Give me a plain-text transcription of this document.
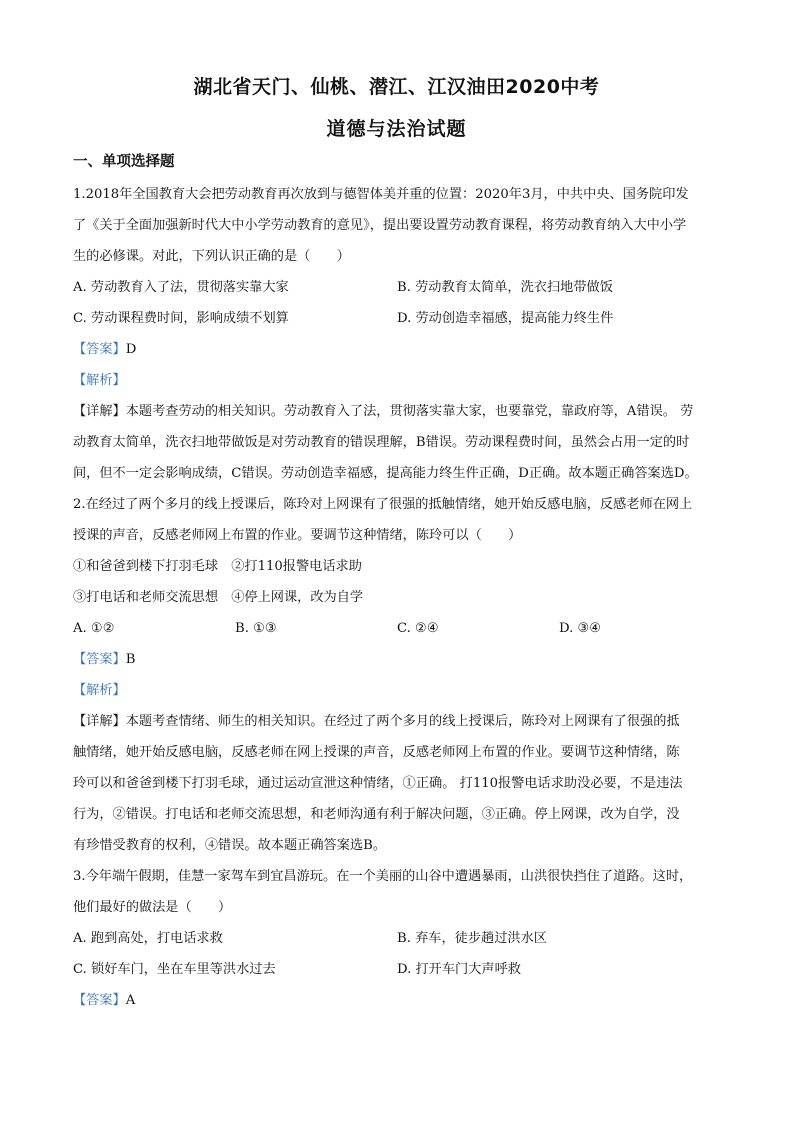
湖北省天门、仙桃、潜江、江汉油田2020中考
道德与法治试题
一、单项选择题
1.2018年全国教育大会把劳动教育再次放到与德智体美并重的位置：2020年3月，中共中央、国务院印发
了《关于全面加强新时代大中小学劳动教育的意见》，提出要设置劳动教育课程，将劳动教育纳入大中小学
生的必修课。对此，下列认识正确的是（　　）
A. 劳动教育入了法，贯彻落实靠大家	B. 劳动教育太简单，洗衣扫地带做饭
C. 劳动课程费时间，影响成绩不划算	D. 劳动创造幸福感，提高能力终生件
【答案】D
【解析】
【详解】本题考查劳动的相关知识。劳动教育入了法，贯彻落实靠大家，也要靠党，靠政府等，A错误。 劳
动教育太简单，洗衣扫地带做饭是对劳动教育的错误理解，B错误。劳动课程费时间，虽然会占用一定的时
间，但不一定会影响成绩，C错误。劳动创造幸福感，提高能力终生件正确，D正确。故本题正确答案选D。
2.在经过了两个多月的线上授课后，陈玲对上网课有了很强的抵触情绪，她开始反感电脑，反感老师在网上
授课的声音，反感老师网上布置的作业。要调节这种情绪，陈玲可以（　　）
①和爸爸到楼下打羽毛球　②打110报警电话求助
③打电话和老师交流思想　④停上网课，改为自学
A. ①②	B. ①③	C. ②④	D. ③④
【答案】B
【解析】
【详解】本题考查情绪、师生的相关知识。在经过了两个多月的线上授课后，陈玲对上网课有了很强的抵
触情绪，她开始反感电脑，反感老师在网上授课的声音，反感老师网上布置的作业。要调节这种情绪，陈
玲可以和爸爸到楼下打羽毛球，通过运动宣泄这种情绪，①正确。 打110报警电话求助没必要，不是违法
行为，②错误。打电话和老师交流思想，和老师沟通有利于解决问题，③正确。停上网课，改为自学，没
有珍惜受教育的权利，④错误。故本题正确答案选B。
3.今年端午假期，佳慧一家驾车到宜昌游玩。在一个美丽的山谷中遭遇暴雨，山洪很快挡住了道路。这时，
他们最好的做法是（　　）
A. 跑到高处，打电话求救	B. 弃车，徒步趟过洪水区
C. 锁好车门，坐在车里等洪水过去	D. 打开车门大声呼救
【答案】A
